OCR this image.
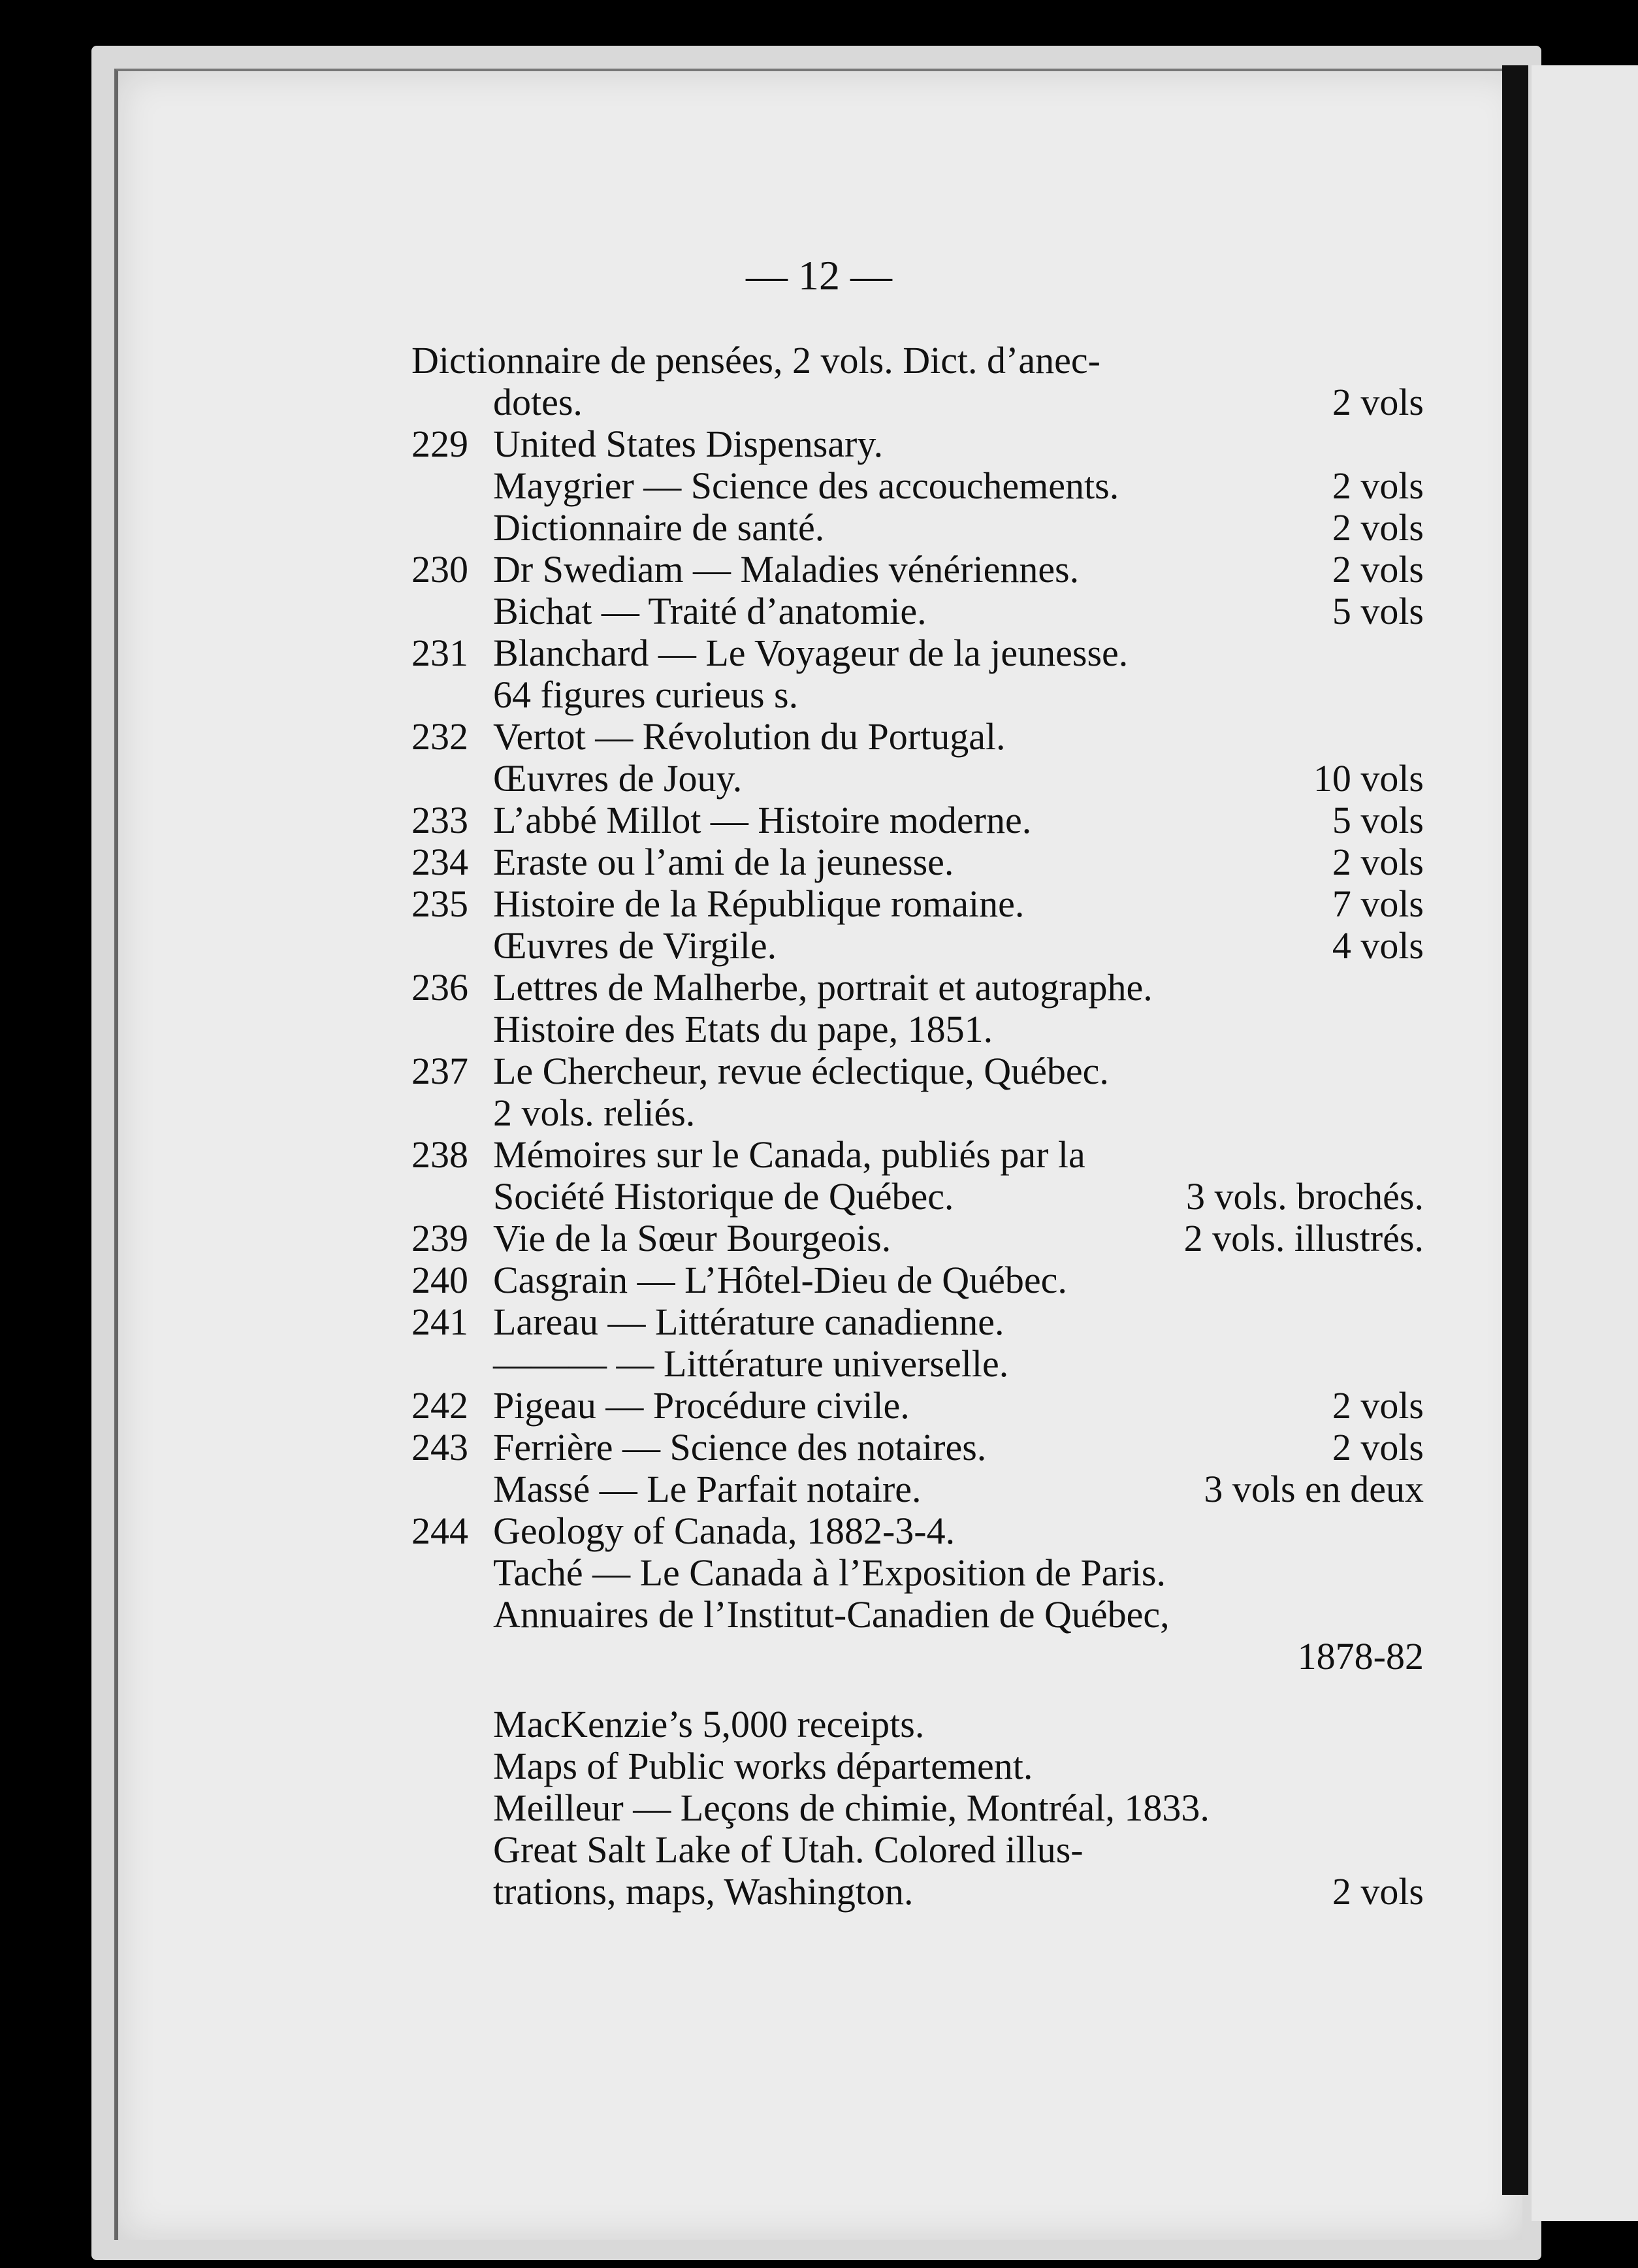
— 12 —
Dictionnaire de pensées, 2 vols. Dict. d’anec-
dotes.	2 vols
229 United States Dispensary.
Maygrier — Science des accouchements.	2 vols
Dictionnaire de santé.	2 vols
230 Dr Swediam — Maladies vénériennes.	2 vols
Bichat — Traité d’anatomie.	5 vols
231 Blanchard — Le Voyageur de la jeunesse.
64 figures curieus s.
232 Vertot — Révolution du Portugal.
Œuvres de Jouy.	10 vols
233 L’abbé Millot — Histoire moderne.	5 vols
234 Eraste ou l’ami de la jeunesse.	2 vols
235 Histoire de la République romaine.	7 vols
Œuvres de Virgile.	4 vols
236 Lettres de Malherbe, portrait et autographe.
Histoire des Etats du pape, 1851.
237 Le Chercheur, revue éclectique, Québec.
2 vols. reliés.
238 Mémoires sur le Canada, publiés par la
Société Historique de Québec.	3 vols. brochés.
239 Vie de la Sœur Bourgeois.	2 vols. illustrés.
240 Casgrain — L’Hôtel-Dieu de Québec.
241 Lareau — Littérature canadienne.
——— — Littérature universelle.
242 Pigeau — Procédure civile.	2 vols
243 Ferrière — Science des notaires.	2 vols
Massé — Le Parfait notaire.	3 vols en deux
244 Geology of Canada, 1882-3-4.
Taché — Le Canada à l’Exposition de Paris.
Annuaires de l’Institut-Canadien de Québec,
1878-82
MacKenzie’s 5,000 receipts.
Maps of Public works département.
Meilleur — Leçons de chimie, Montréal, 1833.
Great Salt Lake of Utah. Colored illus-
trations, maps, Washington.	2 vols
